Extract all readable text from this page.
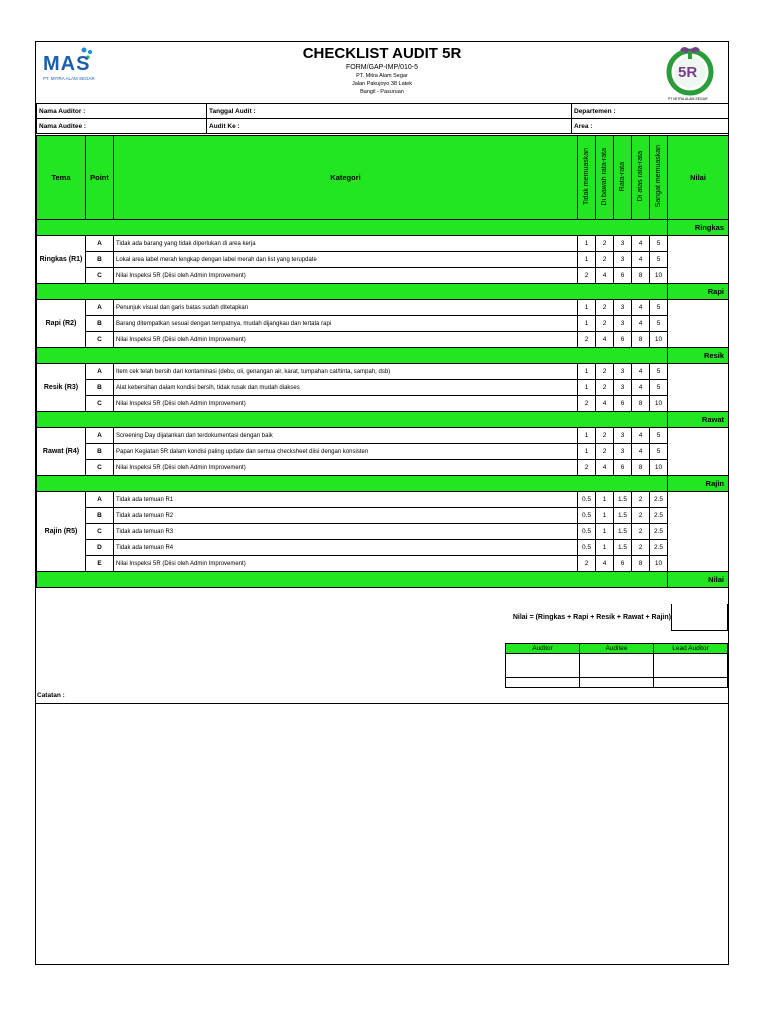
MAS
PT. MITRA ALAM SEGAR
CHECKLIST AUDIT 5R
FORM/GAP-IMP/010-5
PT. Mitra Alam Segar
Jalan Pakujoyo 38 Latek
Bangil - Pasuruan
5R
PT MITRA ALAM SEGAR
Nama Auditor :	Tanggal Audit :	Departemen :
Nama Auditee :	Audit Ke :	Area :
Tema	Point	Kategori	Tidak memuaskan	Di bawah rata-rata	Rata-rata	Di atas rata-rata	Sangat memuaskan	Nilai
								Ringkas
Ringkas (R1)	A	Tidak ada barang yang tidak diperlukan di area kerja	1	2	3	4	5	
	B	Lokal area label merah lengkap dengan label merah dan list yang terupdate	1	2	3	4	5	
	C	Nilai Inspeksi 5R (Diisi oleh Admin Improvement)	2	4	6	8	10	
								Rapi
Rapi (R2)	A	Penunjuk visual dan garis batas sudah ditetapkan	1	2	3	4	5	
	B	Barang ditempatkan sesuai dengan tempatnya, mudah dijangkau dan tertata rapi	1	2	3	4	5	
	C	Nilai Inspeksi 5R (Diisi oleh Admin Improvement)	2	4	6	8	10	
								Resik
Resik (R3)	A	Item cek telah bersih dari kontaminasi (debu, oli, genangan air, karat, tumpahan cat/tinta, sampah, dsb)	1	2	3	4	5	
	B	Alat kebersihan dalam kondisi bersih, tidak rusak dan mudah diakses	1	2	3	4	5	
	C	Nilai Inspeksi 5R (Diisi oleh Admin Improvement)	2	4	6	8	10	
								Rawat
Rawat (R4)	A	Screening Day dijalankan dan terdokumentasi dengan baik	1	2	3	4	5	
	B	Papan Kegiatan 5R dalam kondisi paling update dan semua checksheet diisi dengan konsisten	1	2	3	4	5	
	C	Nilai Inspeksi 5R (Diisi oleh Admin Improvement)	2	4	6	8	10	
								Rajin
Rajin (R5)	A	Tidak ada temuan R1	0.5	1	1.5	2	2.5	
	B	Tidak ada temuan R2	0.5	1	1.5	2	2.5	
	C	Tidak ada temuan R3	0.5	1	1.5	2	2.5	
	D	Tidak ada temuan R4	0.5	1	1.5	2	2.5	
	E	Nilai Inspeksi 5R (Diisi oleh Admin Improvement)	2	4	6	8	10	
								Nilai
Nilai = (Ringkas + Rapi + Resik + Rawat + Rajin)
Auditor	Auditee	Lead Auditor

Catatan :
